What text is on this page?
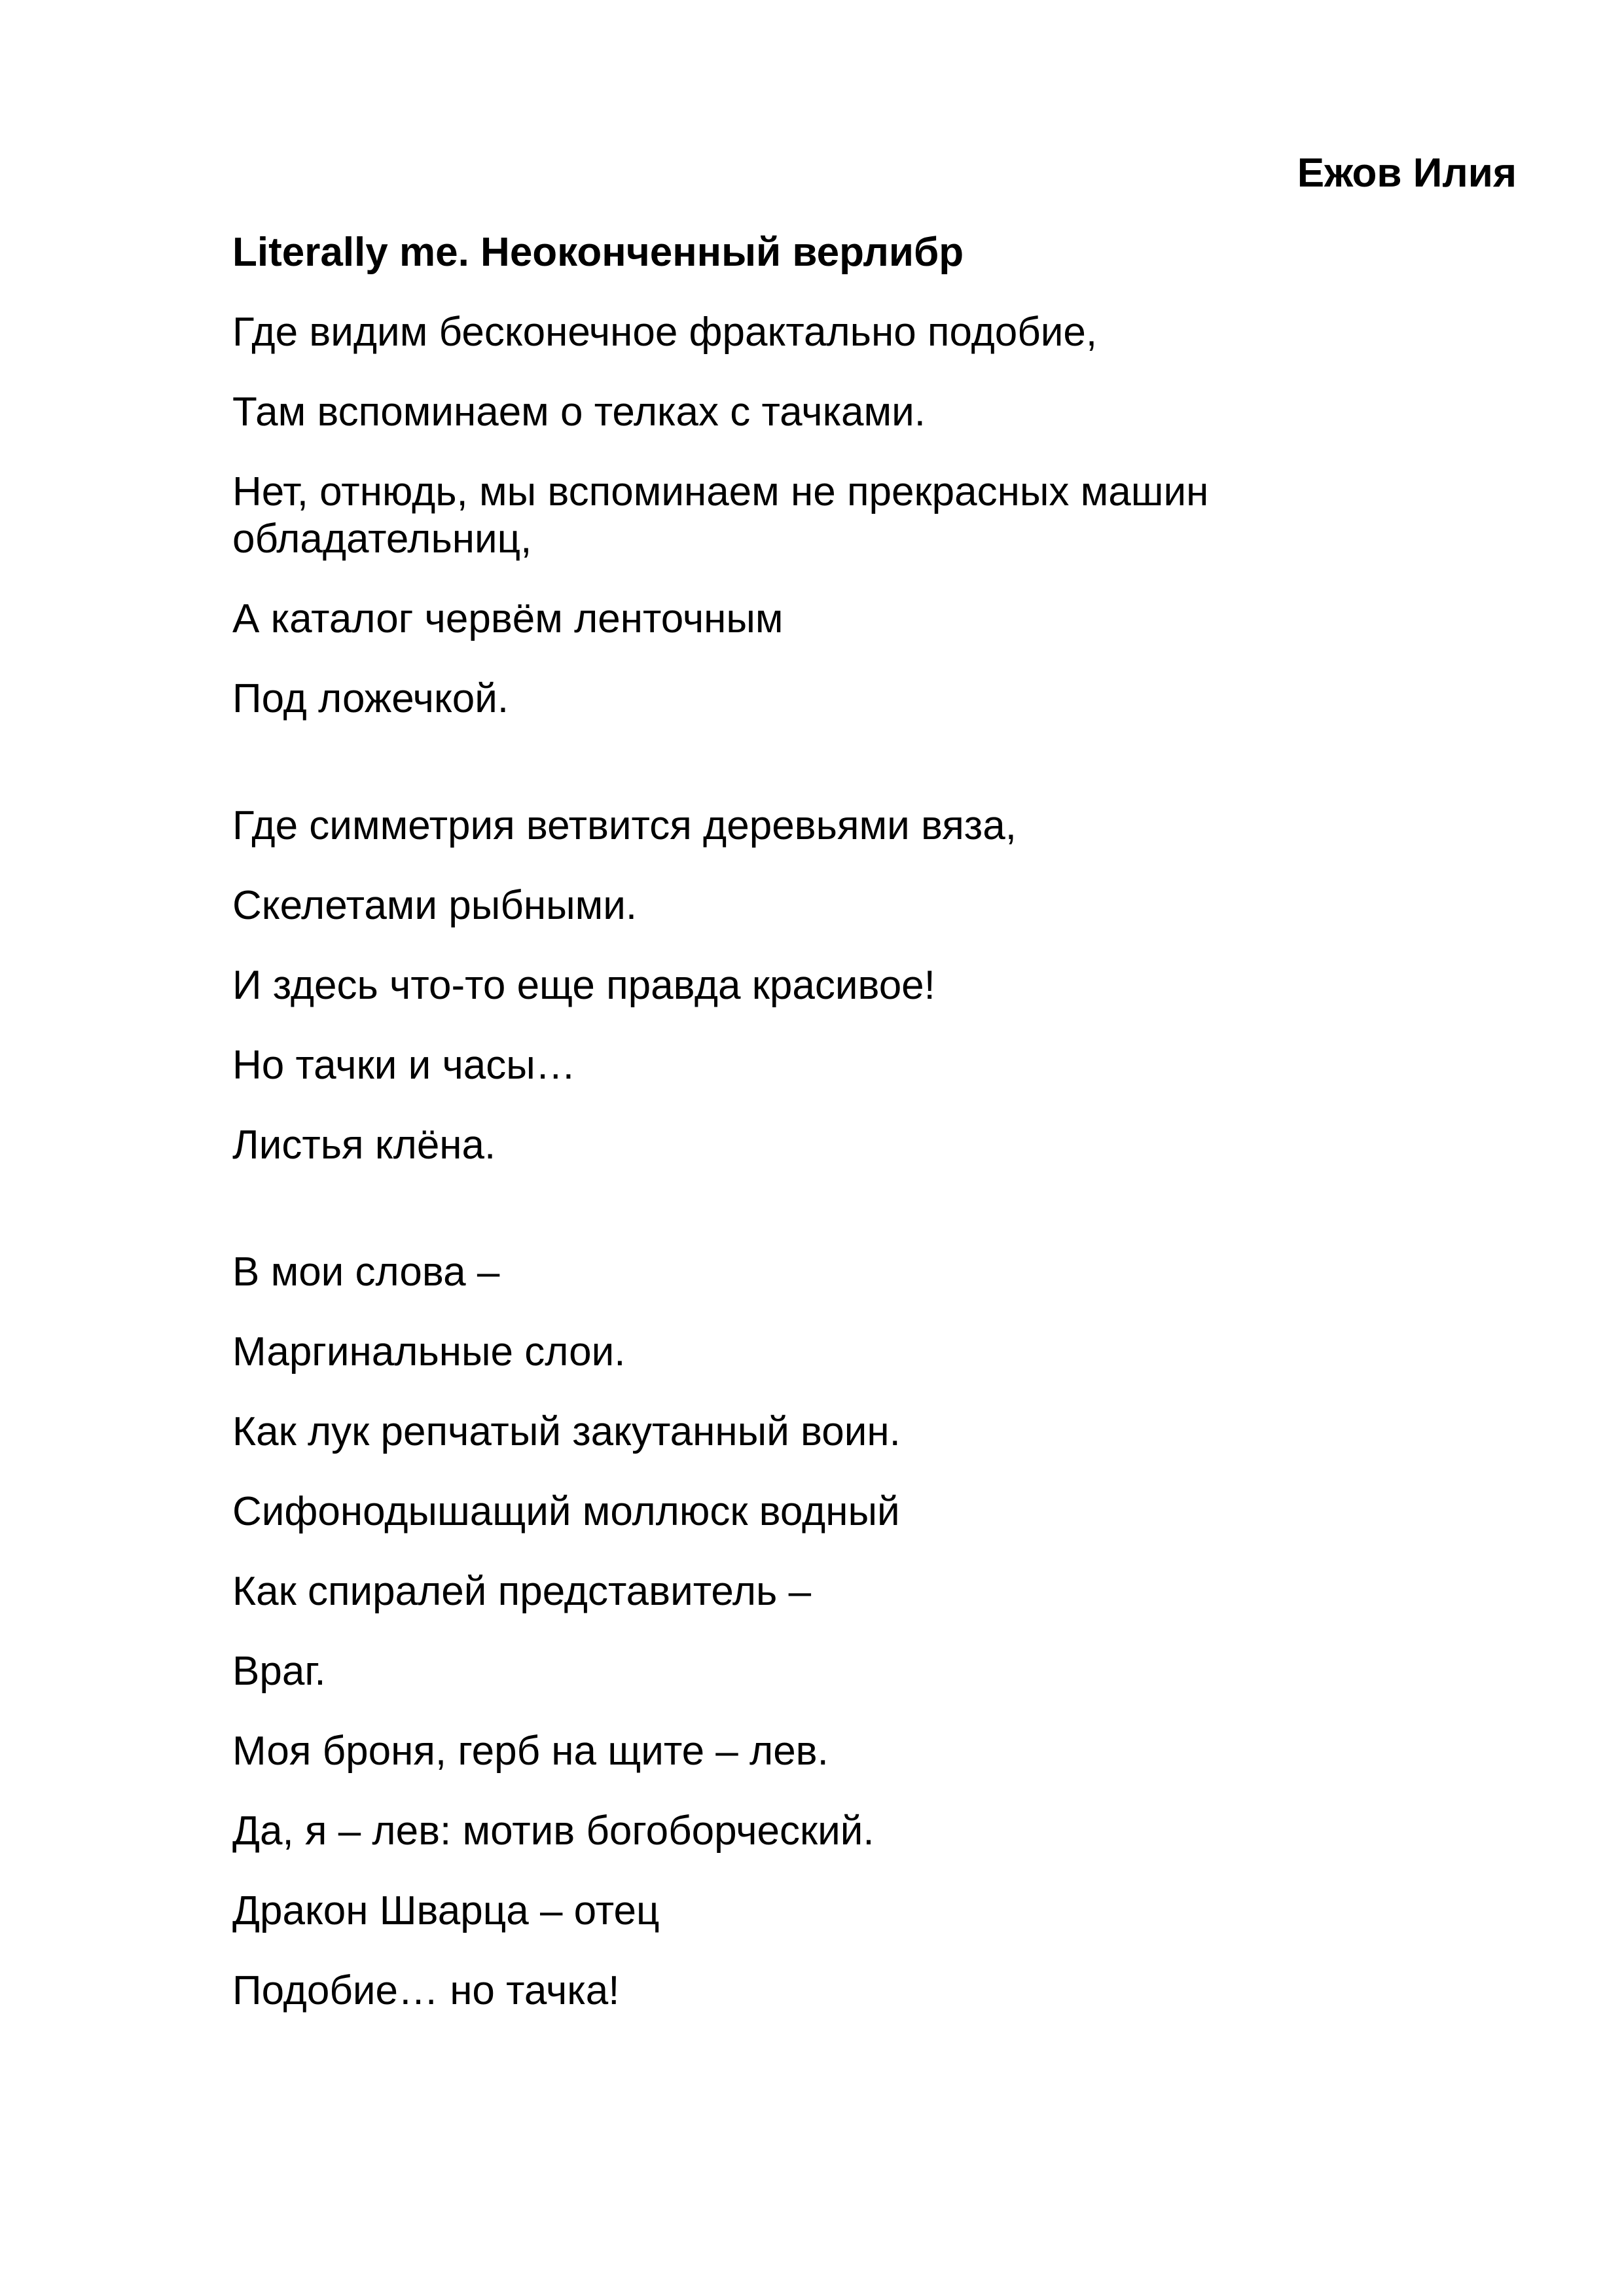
Ежов Илия

Literally me. Неоконченный верлибр

Где видим бесконечное фрактально подобие,

Там вспоминаем о телках с тачками.

Нет, отнюдь, мы вспоминаем не прекрасных машин обладательниц,

А каталог червём ленточным

Под ложечкой.

Где симметрия ветвится деревьями вяза,

Скелетами рыбными.

И здесь что-то еще правда красивое!

Но тачки и часы…

Листья клёна.

В мои слова –

Маргинальные слои.

Как лук репчатый закутанный воин.

Сифонодышащий моллюск водный

Как спиралей представитель –

Враг.

Моя броня, герб на щите – лев.

Да, я – лев: мотив богоборческий.

Дракон Шварца – отец

Подобие… но тачка!
